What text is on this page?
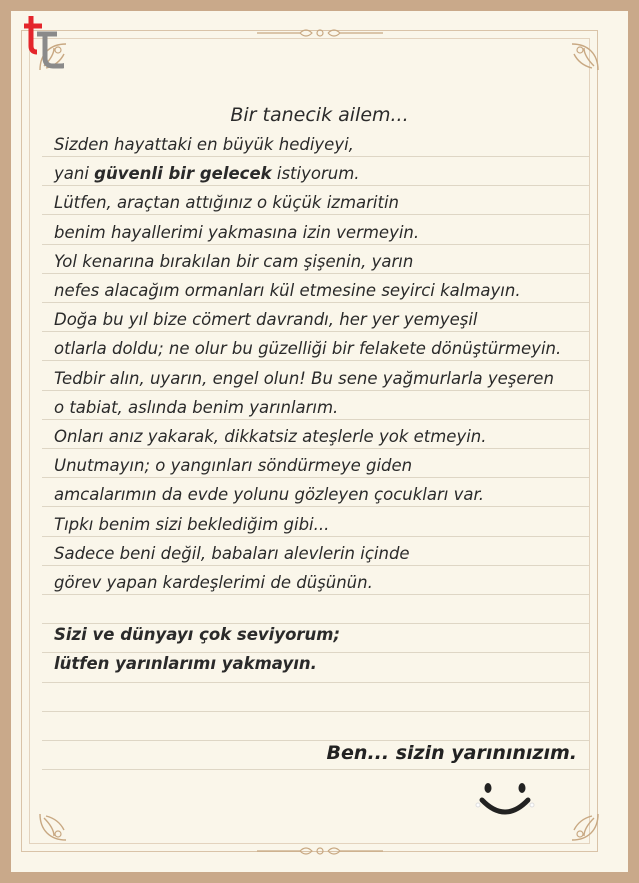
Bir tanecik ailem...
Sizden hayattaki en büyük hediyeyi,
yani güvenli bir gelecek istiyorum.
Lütfen, araçtan attığınız o küçük izmaritin
benim hayallerimi yakmasına izin vermeyin.
Yol kenarına bırakılan bir cam şişenin, yarın
nefes alacağım ormanları kül etmesine seyirci kalmayın.
Doğa bu yıl bize cömert davrandı, her yer yemyeşil
otlarla doldu; ne olur bu güzelliği bir felakete dönüştürmeyin.
Tedbir alın, uyarın, engel olun! Bu sene yağmurlarla yeşeren
o tabiat, aslında benim yarınlarım.
Onları anız yakarak, dikkatsiz ateşlerle yok etmeyin.
Unutmayın; o yangınları söndürmeye giden
amcalarımın da evde yolunu gözleyen çocukları var.
Tıpkı benim sizi beklediğim gibi...
Sadece beni değil, babaları alevlerin içinde
görev yapan kardeşlerimi de düşünün.
Sizi ve dünyayı çok seviyorum;
lütfen yarınlarımı yakmayın.
Ben... sizin yarınınızım.
